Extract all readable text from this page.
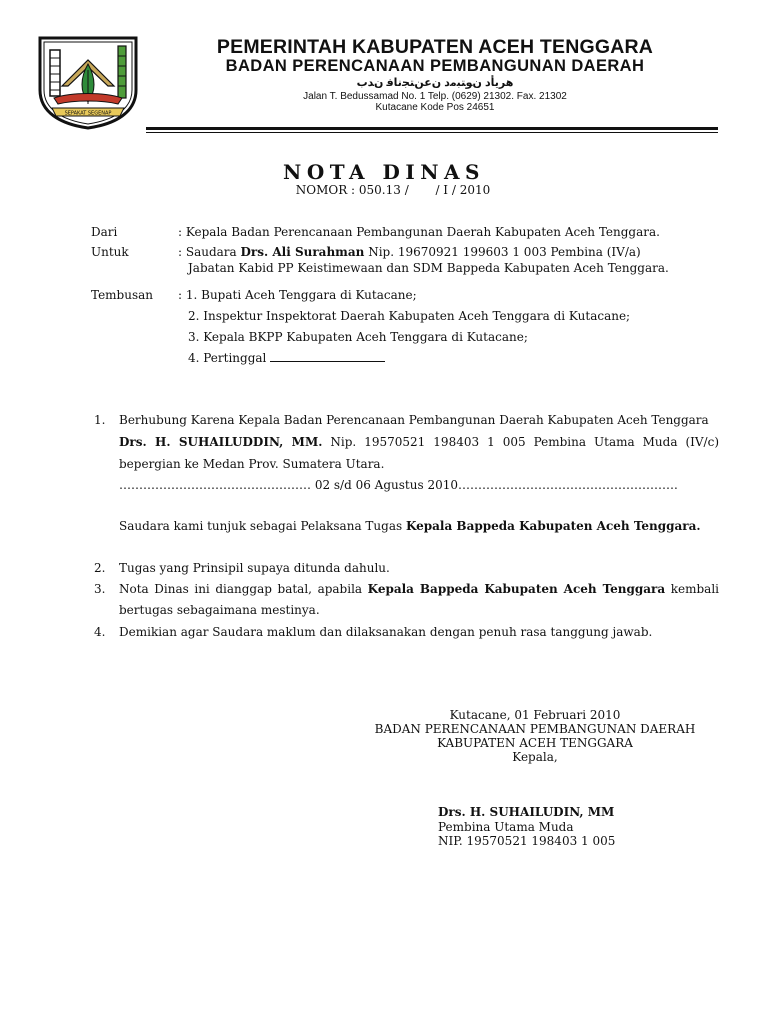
SEPAKAT SEGENAP
PEMERINTAH KABUPATEN ACEH TENGGARA
BADAN PERENCANAAN PEMBANGUNAN DAERAH
ﻫﺮﻳﺄﺩ ﻥﻮﺘﺒﻣﺩ ﻥﻋﻦﺘﺠﻧﺎﻓ ﻥﺪﺏ
Jalan T. Bedussamad No. 1 Telp. (0629) 21302. Fax. 21302
Kutacane Kode Pos 24651
NOTA DINAS
NOMOR : 050.13 /       / I / 2010
Dari	: Kepala Badan Perencanaan Pembangunan Daerah Kabupaten Aceh Tenggara.
Untuk	: Saudara Drs. Ali Surahman Nip. 19670921 199603 1 003 Pembina (IV/a)
Jabatan Kabid PP Keistimewaan dan SDM Bappeda Kabupaten Aceh Tenggara.
Tembusan : 1. Bupati Aceh Tenggara di Kutacane;
2. Inspektur Inspektorat Daerah Kabupaten Aceh Tenggara di Kutacane;
3. Kepala BKPP Kabupaten Aceh Tenggara di Kutacane;
4. Pertinggal
1. Berhubung Karena Kepala Badan Perencanaan Pembangunan Daerah Kabupaten Aceh Tenggara
Drs. H. SUHAILUDDIN, MM. Nip. 19570521 198403 1 005 Pembina Utama Muda (IV/c)
bepergian ke Medan Prov. Sumatera Utara.
………………………………………… 02 s/d 06 Agustus 2010……………………………………………….
Saudara kami tunjuk sebagai Pelaksana Tugas Kepala Bappeda Kabupaten Aceh Tenggara.
2. Tugas yang Prinsipil supaya ditunda dahulu.
3. Nota Dinas ini dianggap batal, apabila Kepala Bappeda Kabupaten Aceh Tenggara kembali
bertugas sebagaimana mestinya.
4. Demikian agar Saudara maklum dan dilaksanakan dengan penuh rasa tanggung jawab.
Kutacane, 01 Februari 2010
BADAN PERENCANAAN PEMBANGUNAN DAERAH
KABUPATEN ACEH TENGGARA
Kepala,
Drs. H. SUHAILUDIN, MM
Pembina Utama Muda
NIP. 19570521 198403 1 005
